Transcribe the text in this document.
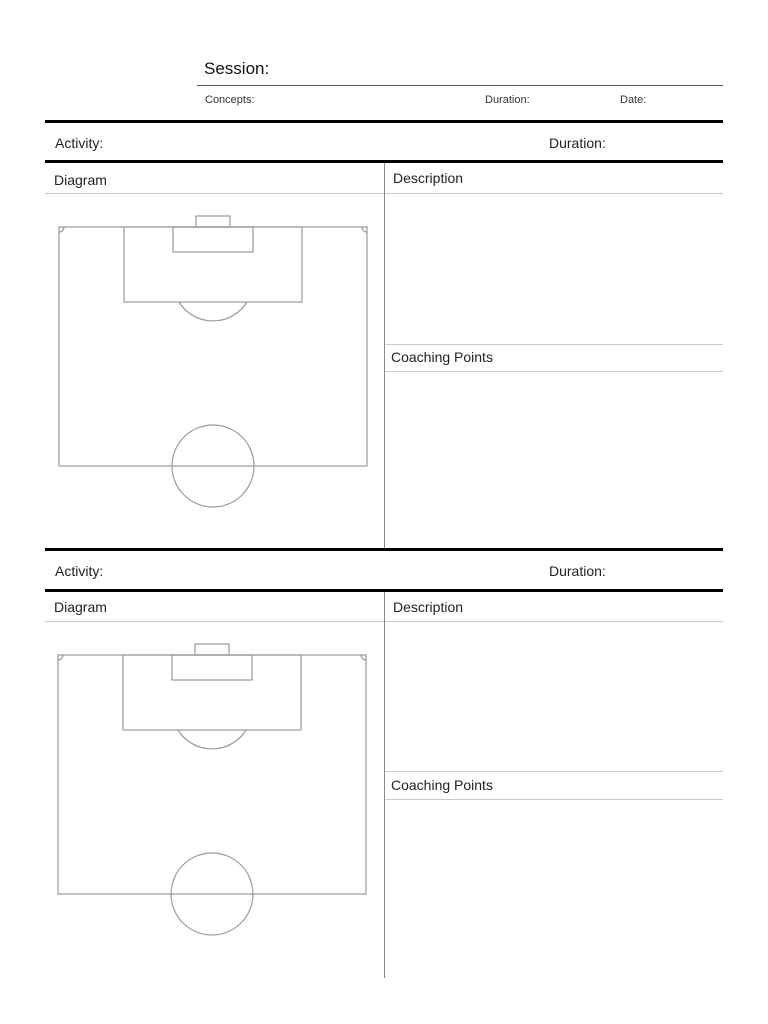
Session:
Concepts:	Duration:	Date:
Activity:	Duration:
Diagram	Description
Coaching Points
Activity:	Duration:
Diagram	Description
Coaching Points
